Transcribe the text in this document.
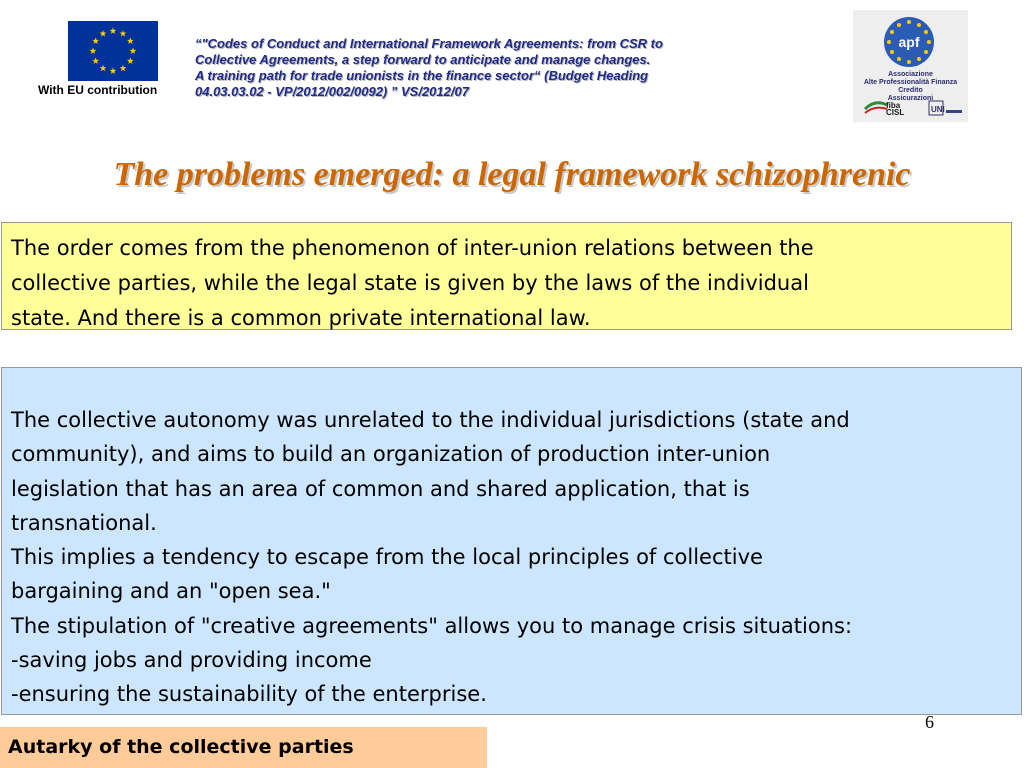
With EU contribution
“"Codes of Conduct and International Framework Agreements: from CSR to
Collective Agreements, a step forward to anticipate and manage changes.
A training path for trade unionists in the finance sector“ (Budget Heading
04.03.03.02 - VP/2012/002/0092) ” VS/2012/07
apf
Associazione
Alte Professionalità Finanza
Credito
Assicurazioni
fiba
CISL	UNI
The problems emerged: a legal framework schizophrenic
The order comes from the phenomenon of inter-union relations between the
collective parties, while the legal state is given by the laws of the individual
state. And there is a common private international law.
The collective autonomy was unrelated to the individual jurisdictions (state and
community), and aims to build an organization of production inter-union
legislation that has an area of common and shared application, that is
transnational.
This implies a tendency to escape from the local principles of collective
bargaining and an "open sea."
The stipulation of "creative agreements" allows you to manage crisis situations:
-saving jobs and providing income
-ensuring the sustainability of the enterprise.
6
Autarky of the collective parties
